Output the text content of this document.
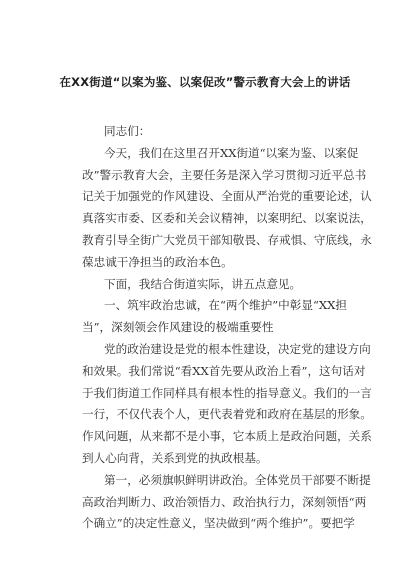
在XX街道“以案为鉴、以案促改”警示教育大会上的讲话

同志们：

今天，我们在这里召开XX街道“以案为鉴、以案促
改”警示教育大会，主要任务是深入学习贯彻习近平总书
记关于加强党的作风建设、全面从严治党的重要论述，认
真落实市委、区委和关会议精神，以案明纪、以案说法，
教育引导全街广大党员干部知敬畏、存戒惧、守底线，永
葆忠诚干净担当的政治本色。

下面，我结合街道实际，讲五点意见。

一、筑牢政治忠诚，在“两个维护”中彰显“XX担
当”，深刻领会作风建设的极端重要性

党的政治建设是党的根本性建设，决定党的建设方向
和效果。我们常说“看XX首先要从政治上看”，这句话对
于我们街道工作同样具有根本性的指导意义。我们的一言
一行，不仅代表个人，更代表着党和政府在基层的形象。
作风问题，从来都不是小事，它本质上是政治问题，关系
到人心向背，关系到党的执政根基。

第一，必须旗帜鲜明讲政治。全体党员干部要不断提
高政治判断力、政治领悟力、政治执行力，深刻领悟“两
个确立”的决定性意义，坚决做到“两个维护”。要把学
